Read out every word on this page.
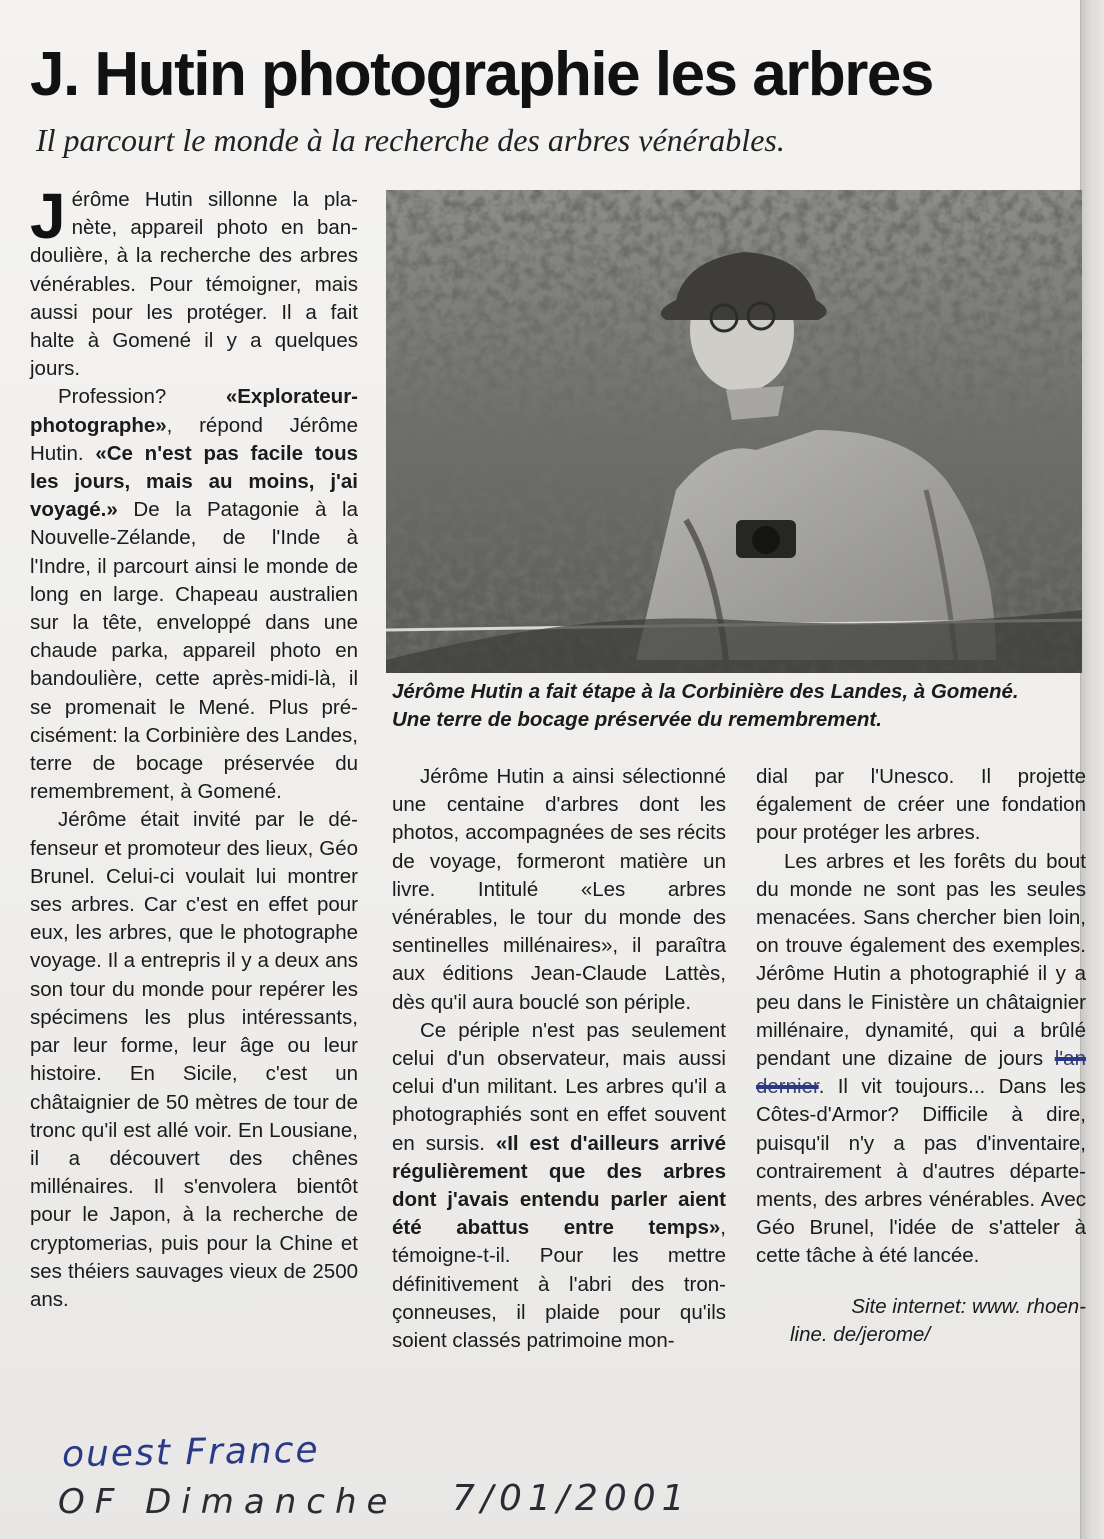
J. Hutin photographie les arbres
Il parcourt le monde à la recherche des arbres vénérables.

Jérôme Hutin sillonne la planète, appareil photo en bandoulière, à la recherche des arbres vénérables. Pour témoigner, mais aussi pour les protéger. Il a fait halte à Gomené il y a quelques jours.

Profession? «Explorateur-photographe», répond Jérôme Hutin. «Ce n'est pas facile tous les jours, mais au moins, j'ai voyagé.» De la Patagonie à la Nouvelle-Zélande, de l'Inde à l'Indre, il parcourt ainsi le monde de long en large. Chapeau australien sur la tête, enveloppé dans une chaude parka, appareil photo en bandoulière, cette après-midi-là, il se promenait le Mené. Plus précisément: la Corbinière des Landes, terre de bocage préservée du remembrement, à Gomené.

Jérôme était invité par le défenseur et promoteur des lieux, Géo Brunel. Celui-ci voulait lui montrer ses arbres. Car c'est en effet pour eux, les arbres, que le photographe voyage. Il a entrepris il y a deux ans son tour du monde pour repérer les spécimens les plus intéressants, par leur forme, leur âge ou leur histoire. En Sicile, c'est un châtaignier de 50 mètres de tour de tronc qu'il est allé voir. En Lousiane, il a découvert des chênes millénaires. Il s'envolera bientôt pour le Japon, à la recherche de cryptomerias, puis pour la Chine et ses théiers sauvages vieux de 2500 ans.

Jérôme Hutin a fait étape à la Corbinière des Landes, à Gomené.
Une terre de bocage préservée du remembrement.

Jérôme Hutin a ainsi sélectionné une centaine d'arbres dont les photos, accompagnées de ses récits de voyage, formeront matière un livre. Intitulé «Les arbres vénérables, le tour du monde des sentinelles millénaires», il paraîtra aux éditions Jean-Claude Lattès, dès qu'il aura bouclé son périple.

Ce périple n'est pas seulement celui d'un observateur, mais aussi celui d'un militant. Les arbres qu'il a photographiés sont en effet souvent en sursis. «Il est d'ailleurs arrivé régulièrement que des arbres dont j'avais entendu parler aient été abattus entre temps», témoigne-t-il. Pour les mettre définitivement à l'abri des tronçonneuses, il plaide pour qu'ils soient classés patrimoine mon-

dial par l'Unesco. Il projette également de créer une fondation pour protéger les arbres.

Les arbres et les forêts du bout du monde ne sont pas les seules menacées. Sans chercher bien loin, on trouve également des exemples. Jérôme Hutin a photographié il y a peu dans le Finistère un châtaignier millénaire, dynamité, qui a brûlé pendant une dizaine de jours l'an dernier. Il vit toujours... Dans les Côtes-d'Armor? Difficile à dire, puisqu'il n'y a pas d'inventaire, contrairement à d'autres départements, des arbres vénérables. Avec Géo Brunel, l'idée de s'atteler à cette tâche à été lancée.

Site internet: www. rhoen-
line. de/jerome/

ouest France
OF Dimanche 7/01/2001
